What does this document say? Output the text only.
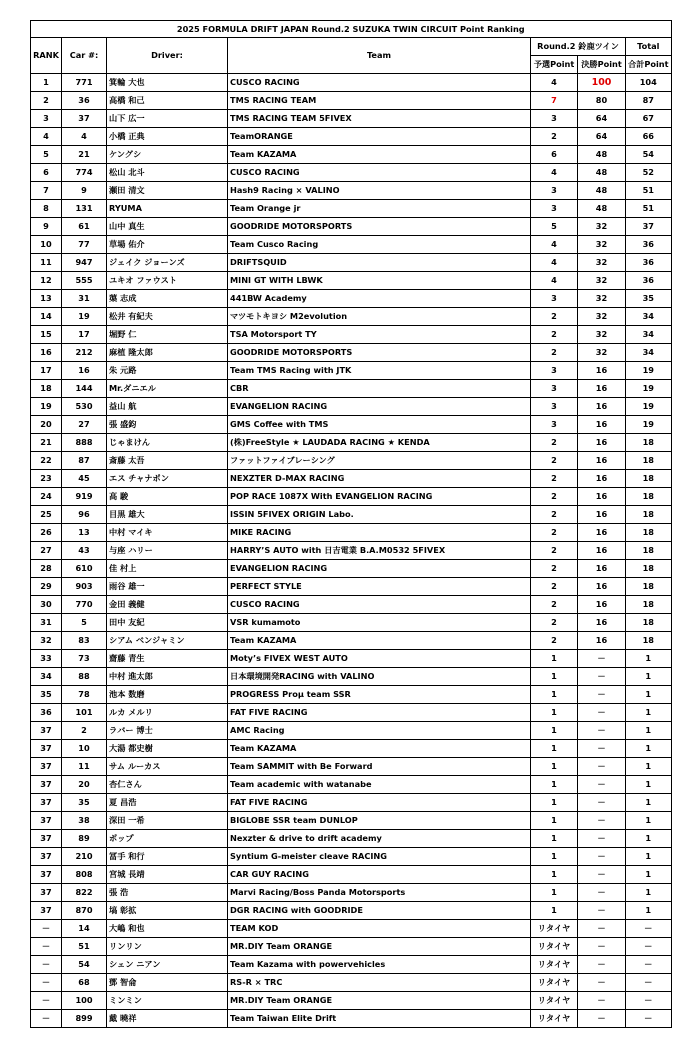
2025 FORMULA DRIFT JAPAN Round.2 SUZUKA TWIN CIRCUIT Point Ranking						
RANK	Car #:	Driver:	Team	Round.2 鈴鹿ツイン		Total
				予選Point	決勝Point	合計Point
1	771	箕輪 大也	CUSCO RACING	4	100	104
2	36	高橋 和己	TMS RACING TEAM	7	80	87
3	37	山下 広一	TMS RACING TEAM 5FIVEX	3	64	67
4	4	小橋 正典	TeamORANGE	2	64	66
5	21	ケングシ	Team KAZAMA	6	48	54
6	774	松山 北斗	CUSCO RACING	4	48	52
7	9	瀬田 清文	Hash9 Racing × VALINO	3	48	51
8	131	RYUMA	Team Orange jr	3	48	51
9	61	山中 真生	GOODRIDE MOTORSPORTS	5	32	37
10	77	草場 佑介	Team Cusco Racing	4	32	36
11	947	ジェイク ジョーンズ	DRIFTSQUID	4	32	36
12	555	ユキオ ファウスト	MINI GT WITH LBWK	4	32	36
13	31	蕖 志成	441BW Academy	3	32	35
14	19	松井 有紀夫	マツモトキヨシ M2evolution	2	32	34
15	17	堀野 仁	TSA Motorsport TY	2	32	34
16	212	麻植 隆太郎	GOODRIDE MOTORSPORTS	2	32	34
17	16	朱 元路	Team TMS Racing with JTK	3	16	19
18	144	Mr.ダニエル	CBR	3	16	19
19	530	益山 航	EVANGELION RACING	3	16	19
20	27	張 盛鈞	GMS Coffee with TMS	3	16	19
21	888	じゃまけん	(株)FreeStyle ★ LAUDADA RACING ★ KENDA	2	16	18
22	87	斎藤 太吾	ファットファイブレーシング	2	16	18
23	45	エス チャナポン	NEXZTER D-MAX RACING	2	16	18
24	919	高 駿	POP RACE 1087X With EVANGELION RACING	2	16	18
25	96	目黒 雄大	ISSIN 5FIVEX ORIGIN Labo.	2	16	18
26	13	中村 マイキ	MIKE RACING	2	16	18
27	43	与座 ハリー	HARRY’S AUTO with 日吉電業 B.A.M0532 5FIVEX	2	16	18
28	610	佳 村上	EVANGELION RACING	2	16	18
29	903	雨谷 雄一	PERFECT STYLE	2	16	18
30	770	金田 義健	CUSCO RACING	2	16	18
31	5	田中 友紀	VSR kumamoto	2	16	18
32	83	シアム ベンジャミン	Team KAZAMA	2	16	18
33	73	齋藤 青生	Moty’s FIVEX WEST AUTO	1	－	1
34	88	中村 進太郎	日本環境開発RACING with VALINO	1	－	1
35	78	池本 数磨	PROGRESS Proμ team SSR	1	－	1
36	101	ルカ メルリ	FAT FIVE RACING	1	－	1
37	2	ラバー 博士	AMC Racing	1	－	1
37	10	大湯 都史樹	Team KAZAMA	1	－	1
37	11	サム ルーカス	Team SAMMIT with Be Forward	1	－	1
37	20	杏仁さん	Team academic with watanabe	1	－	1
37	35	夏 昌浩	FAT FIVE RACING	1	－	1
37	38	深田 一希	BIGLOBE SSR team DUNLOP	1	－	1
37	89	ポップ	Nexzter & drive to drift academy	1	－	1
37	210	冨手 和行	Syntium G-meister cleave RACING	1	－	1
37	808	宮城 長靖	CAR GUY RACING	1	－	1
37	822	張 浩	Marvi Racing/Boss Panda Motorsports	1	－	1
37	870	塙 彰拡	DGR RACING with GOODRIDE	1	－	1
－	14	大嶋 和也	TEAM KOD	リタイヤ	－	－
－	51	リンリン	MR.DIY Team ORANGE	リタイヤ	－	－
－	54	シェン ニアン	Team Kazama with powervehicles	リタイヤ	－	－
－	68	鄧 智侖	RS-R × TRC	リタイヤ	－	－
－	100	ミンミン	MR.DIY Team ORANGE	リタイヤ	－	－
－	899	戴 曉祥	Team Taiwan Elite Drift	リタイヤ	－	－
